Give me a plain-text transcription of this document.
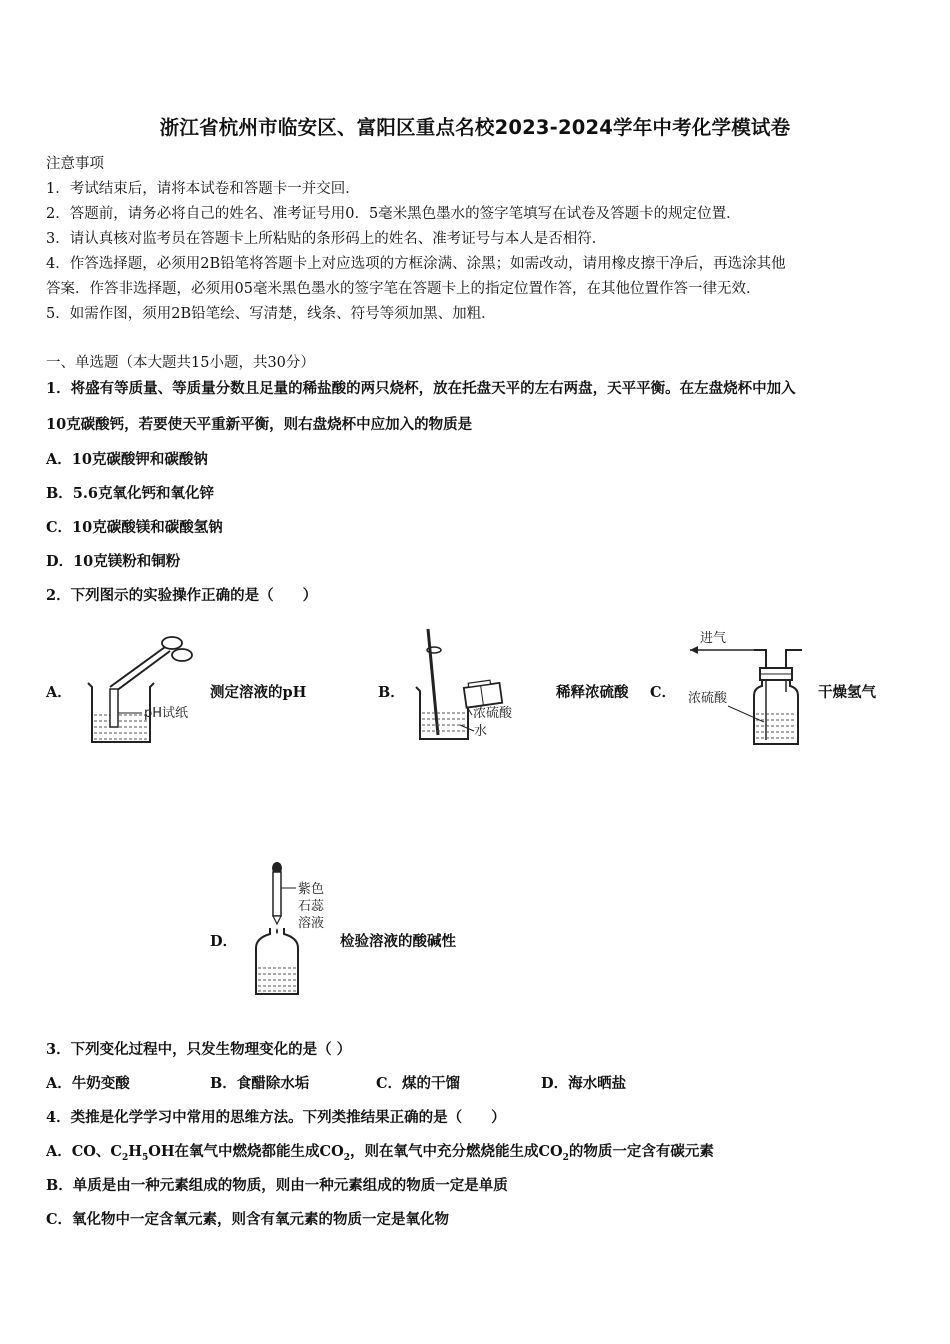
浙江省杭州市临安区、富阳区重点名校2023-2024学年中考化学模试卷
注意事项
1．考试结束后，请将本试卷和答题卡一并交回．
2．答题前，请务必将自己的姓名、准考证号用0．5毫米黑色墨水的签字笔填写在试卷及答题卡的规定位置．
3．请认真核对监考员在答题卡上所粘贴的条形码上的姓名、准考证号与本人是否相符．
4．作答选择题，必须用2B铅笔将答题卡上对应选项的方框涂满、涂黑；如需改动，请用橡皮擦干净后，再选涂其他
答案．作答非选择题，必须用05毫米黑色墨水的签字笔在答题卡上的指定位置作答，在其他位置作答一律无效．
5．如需作图，须用2B铅笔绘、写清楚，线条、符号等须加黑、加粗．
一、单选题（本大题共15小题，共30分）
1．将盛有等质量、等质量分数且足量的稀盐酸的两只烧杯，放在托盘天平的左右两盘，天平平衡。在左盘烧杯中加入
10克碳酸钙，若要使天平重新平衡，则右盘烧杯中应加入的物质是
A．10克碳酸钾和碳酸钠
B．5.6克氧化钙和氧化锌
C．10克碳酸镁和碳酸氢钠
D．10克镁粉和铜粉
2．下列图示的实验操作正确的是（　　）
A．
pH试纸
测定溶液的pH	B．
浓硫酸
水
稀释浓硫酸 C．
进气
浓硫酸	干燥氢气
D．
紫色
石蕊
溶液
检验溶液的酸碱性
3．下列变化过程中，只发生物理变化的是（ ）
A．牛奶变酸	B．食醋除水垢	C．煤的干馏	D．海水晒盐
4．类推是化学学习中常用的思维方法。下列类推结果正确的是（　　）
A．CO、$C_2H_5OH$在氧气中燃烧都能生成$CO_2$，则在氧气中充分燃烧能生成$CO_2$的物质一定含有碳元素
B．单质是由一种元素组成的物质，则由一种元素组成的物质一定是单质
C．氧化物中一定含氧元素，则含有氧元素的物质一定是氧化物
